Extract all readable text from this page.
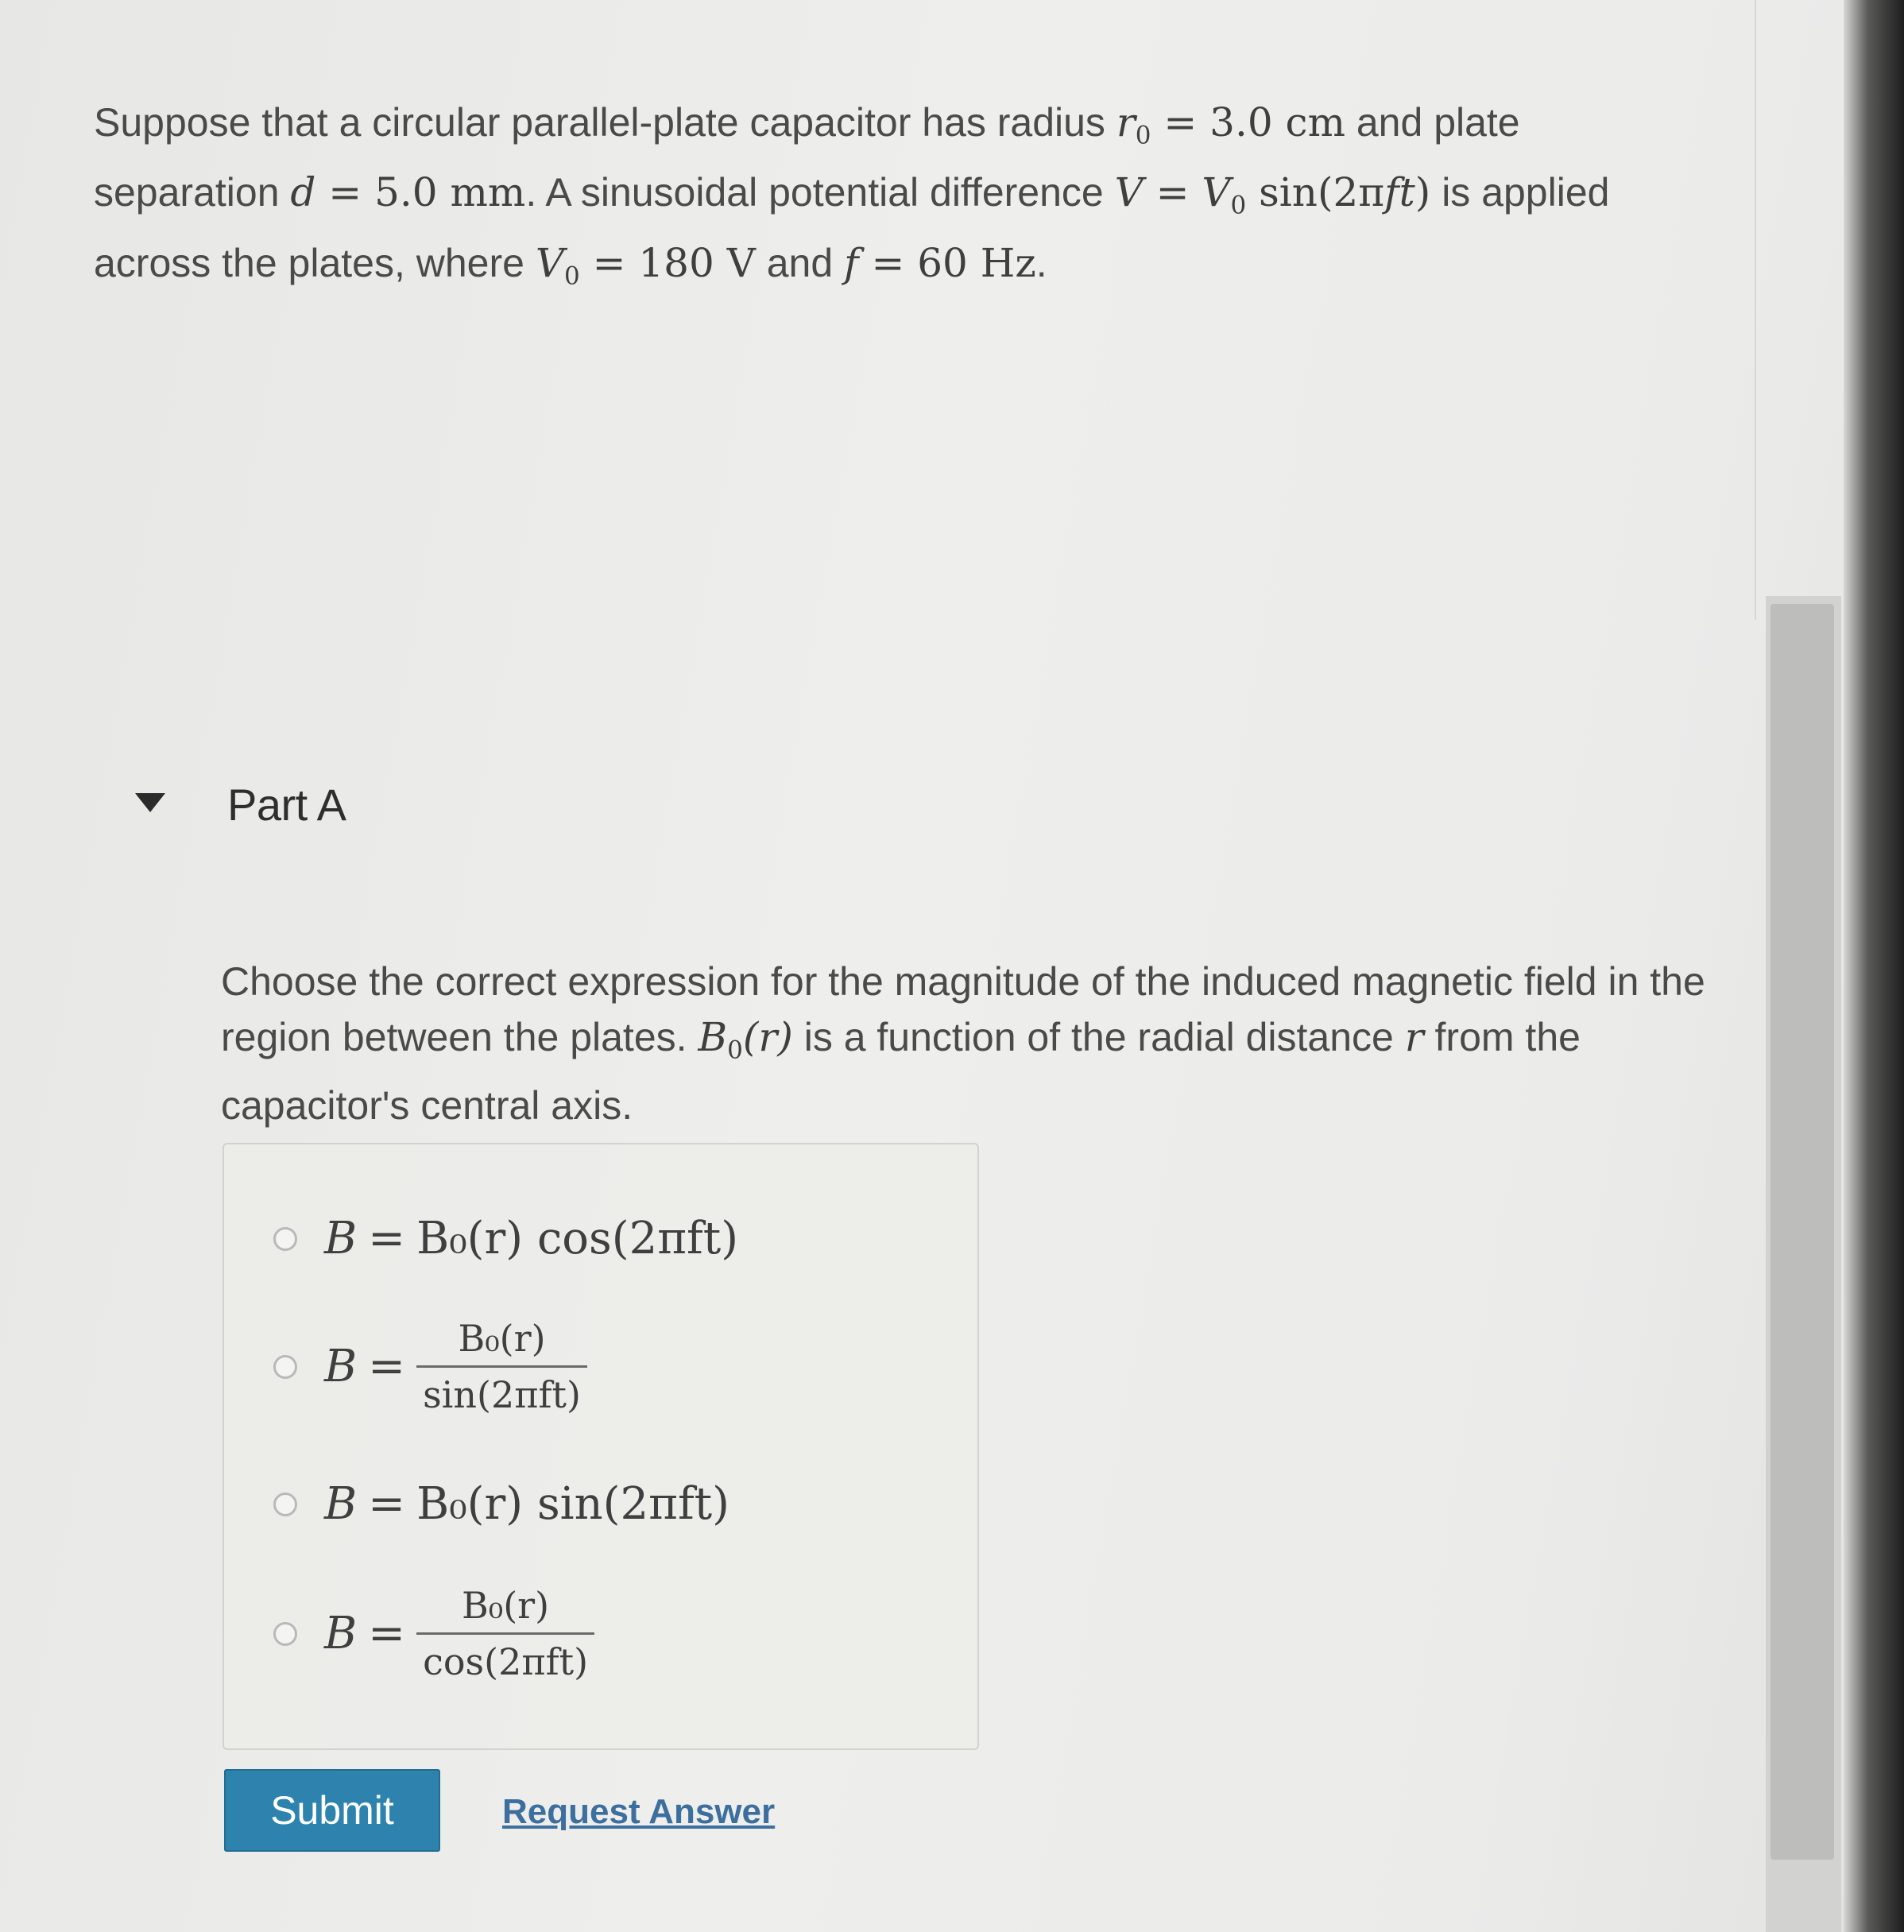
Suppose that a circular parallel-plate capacitor has radius $r_0 = 3.0$ cm and plate separation d = 5.0 mm. A sinusoidal potential difference $V = V_0$ sin(2πft) is applied across the plates, where $V_0 = 180$ V and f = 60 Hz.
Part A
Choose the correct expression for the magnitude of the induced magnetic field in the region between the plates. $B_0(r)$ is a function of the radial distance r from the capacitor's central axis.
B = B₀(r) cos(2πft)
$B = \frac{\text{B₀(r)}}{\text{sin(2πft)}}$
B = B₀(r) sin(2πft)
$B = \frac{\text{B₀(r)}}{\text{cos(2πft)}}$
Submit	Request Answer
